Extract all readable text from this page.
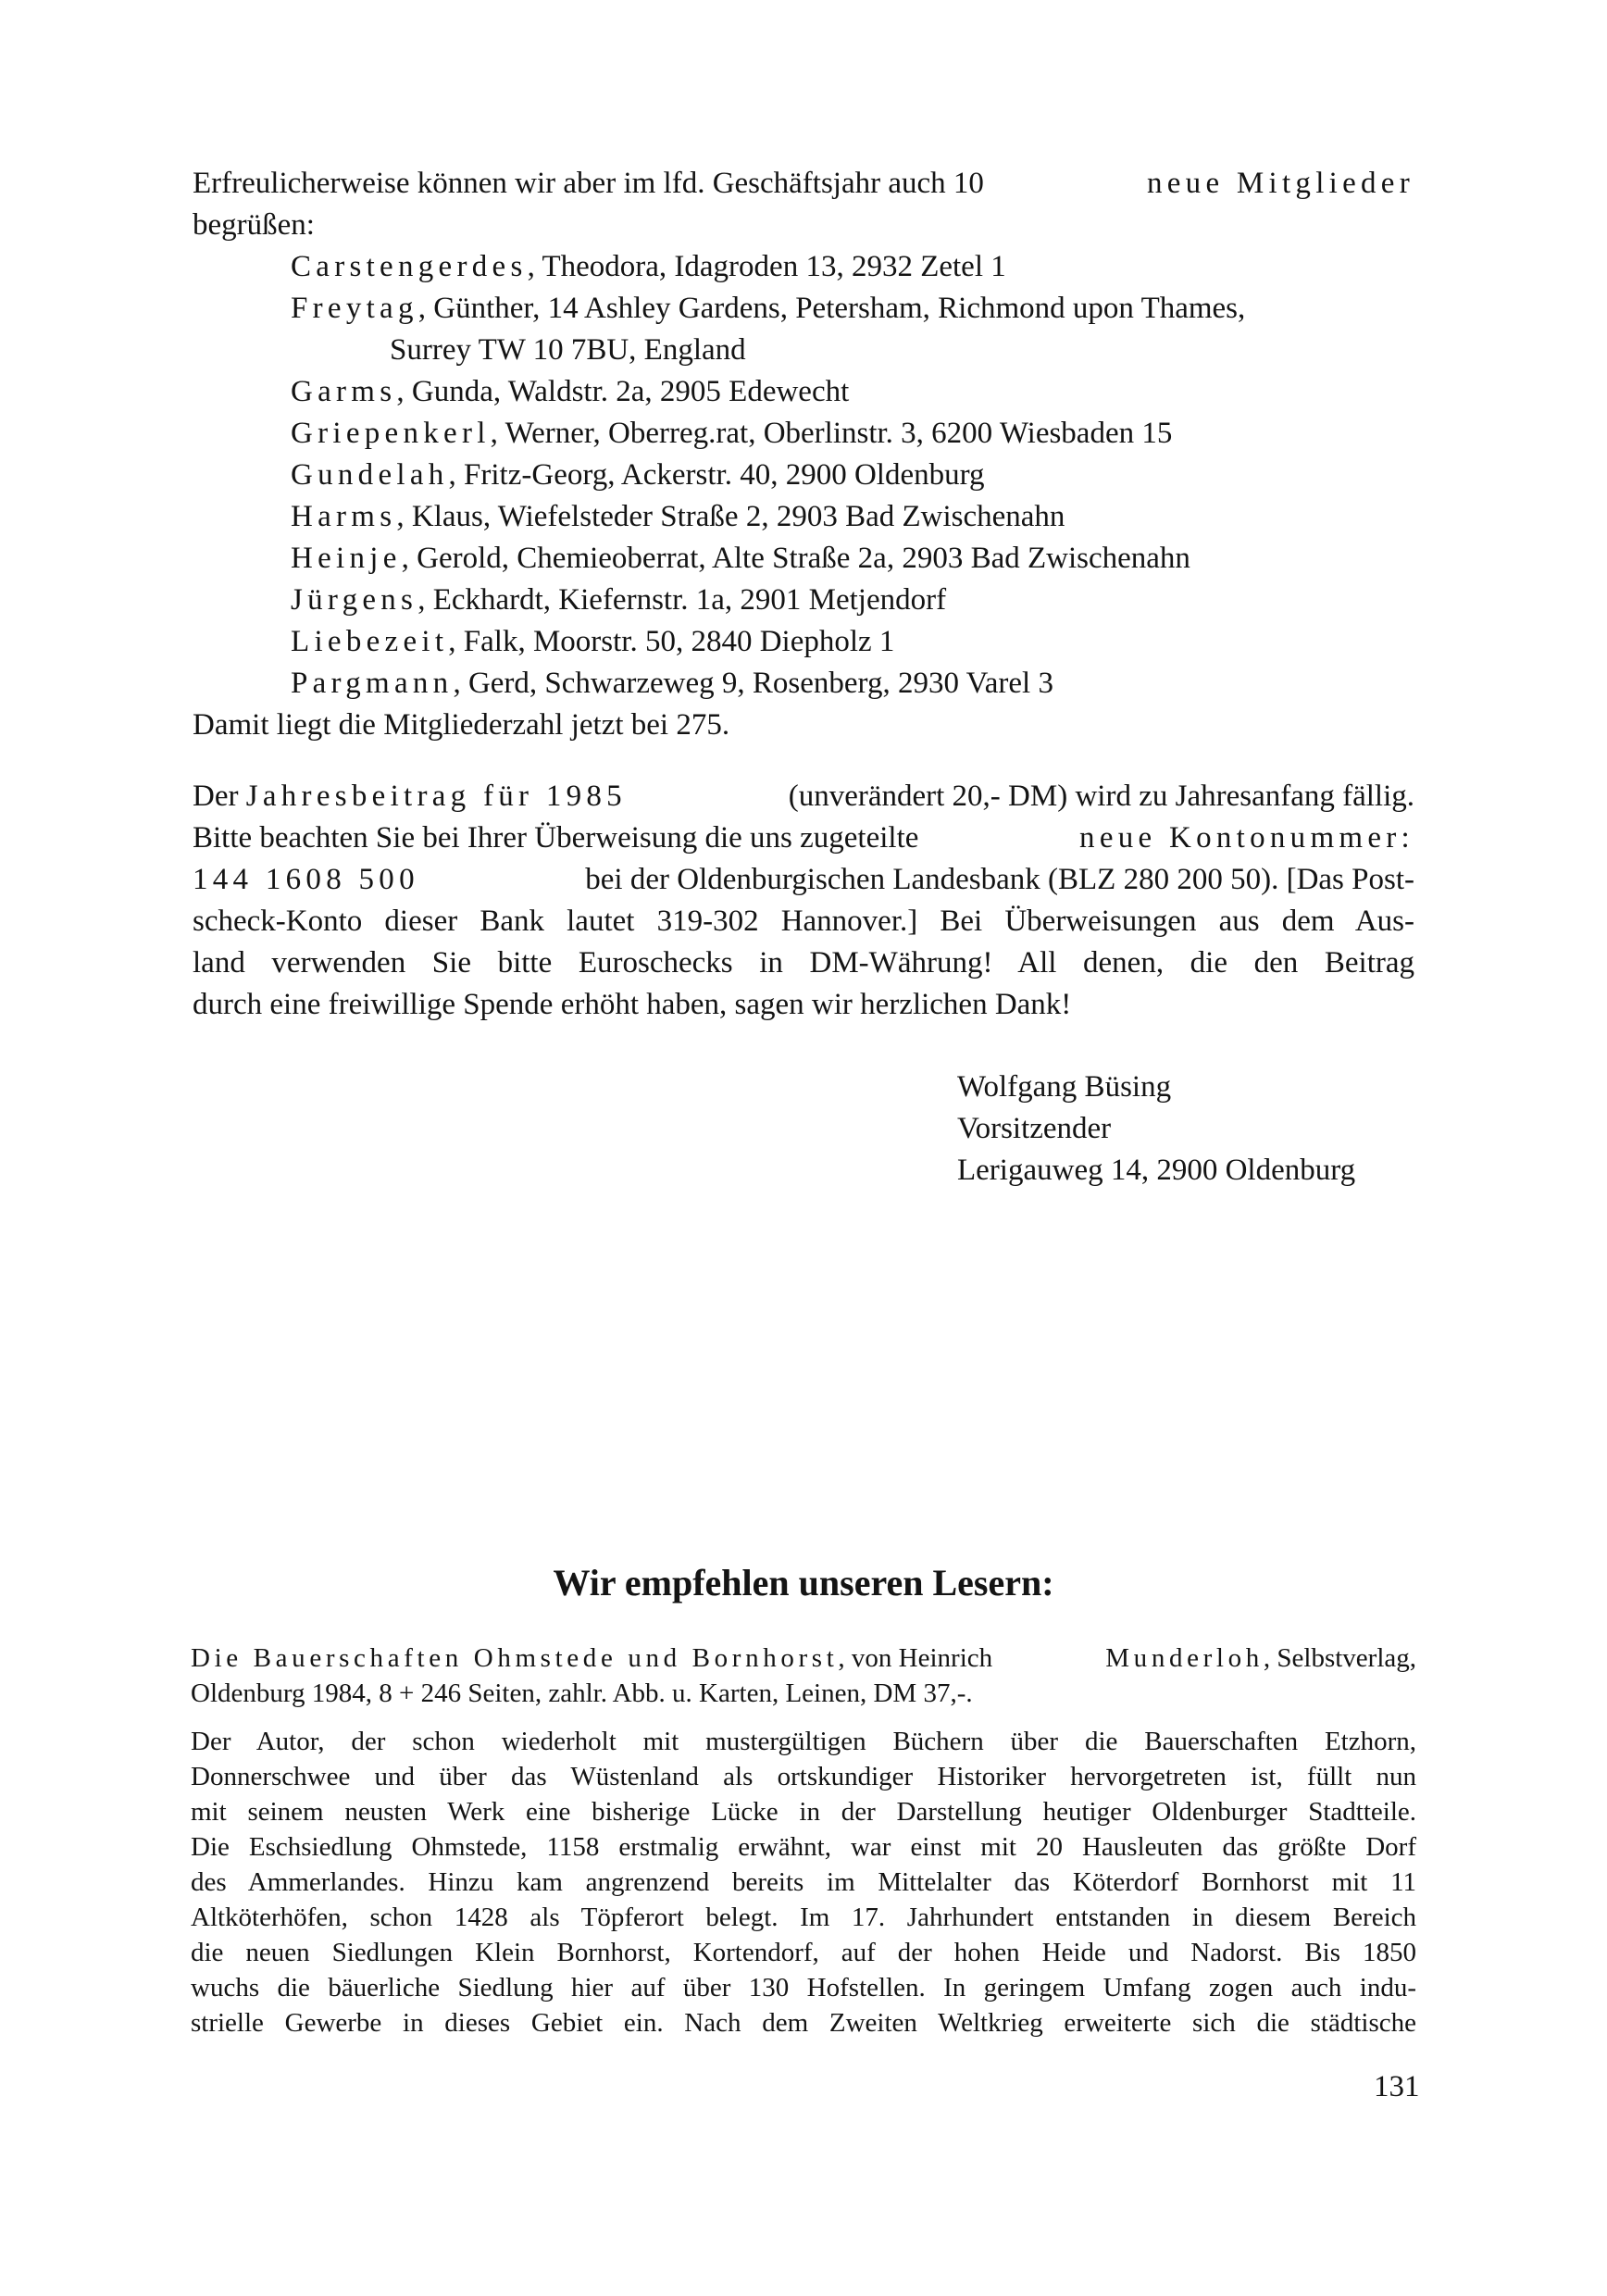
Erfreulicherweise können wir aber im lfd. Geschäftsjahr auch 10	neue Mitglieder
begrüßen:
Carstengerdes, Theodora, Idagroden 13, 2932 Zetel 1
Freytag, Günther, 14 Ashley Gardens, Petersham, Richmond upon Thames,
Surrey TW 10 7BU, England
Garms, Gunda, Waldstr. 2a, 2905 Edewecht
Griepenkerl, Werner, Oberreg.rat, Oberlinstr. 3, 6200 Wiesbaden 15
Gundelah, Fritz-Georg, Ackerstr. 40, 2900 Oldenburg
Harms, Klaus, Wiefelsteder Straße 2, 2903 Bad Zwischenahn
Heinje, Gerold, Chemieoberrat, Alte Straße 2a, 2903 Bad Zwischenahn
Jürgens, Eckhardt, Kiefernstr. 1a, 2901 Metjendorf
Liebezeit, Falk, Moorstr. 50, 2840 Diepholz 1
Pargmann, Gerd, Schwarzeweg 9, Rosenberg, 2930 Varel 3
Damit liegt die Mitgliederzahl jetzt bei 275.
Der Jahresbeitrag für 1985	(unverändert 20,- DM) wird zu Jahresanfang fällig.
Bitte beachten Sie bei Ihrer Überweisung die uns zugeteilte	neue Kontonummer:
144 1608 500	bei der Oldenburgischen Landesbank (BLZ 280 200 50). [Das Post-
scheck-Konto dieser Bank lautet 319-302 Hannover.] Bei Überweisungen aus dem Aus-
land verwenden Sie bitte Euroschecks in DM-Währung! All denen, die den Beitrag
durch eine freiwillige Spende erhöht haben, sagen wir herzlichen Dank!
Wolfgang Büsing
Vorsitzender
Lerigauweg 14, 2900 Oldenburg
Wir empfehlen unseren Lesern:
Die Bauerschaften Ohmstede und Bornhorst, von Heinrich	Munderloh, Selbstverlag,
Oldenburg 1984, 8 + 246 Seiten, zahlr. Abb. u. Karten, Leinen, DM 37,-.
Der Autor, der schon wiederholt mit mustergültigen Büchern über die Bauerschaften Etzhorn,
Donnerschwee und über das Wüstenland als ortskundiger Historiker hervorgetreten ist, füllt nun
mit seinem neusten Werk eine bisherige Lücke in der Darstellung heutiger Oldenburger Stadtteile.
Die Eschsiedlung Ohmstede, 1158 erstmalig erwähnt, war einst mit 20 Hausleuten das größte Dorf
des Ammerlandes. Hinzu kam angrenzend bereits im Mittelalter das Köterdorf Bornhorst mit 11
Altköterhöfen, schon 1428 als Töpferort belegt. Im 17. Jahrhundert entstanden in diesem Bereich
die neuen Siedlungen Klein Bornhorst, Kortendorf, auf der hohen Heide und Nadorst. Bis 1850
wuchs die bäuerliche Siedlung hier auf über 130 Hofstellen. In geringem Umfang zogen auch indu-
strielle Gewerbe in dieses Gebiet ein. Nach dem Zweiten Weltkrieg erweiterte sich die städtische
131
